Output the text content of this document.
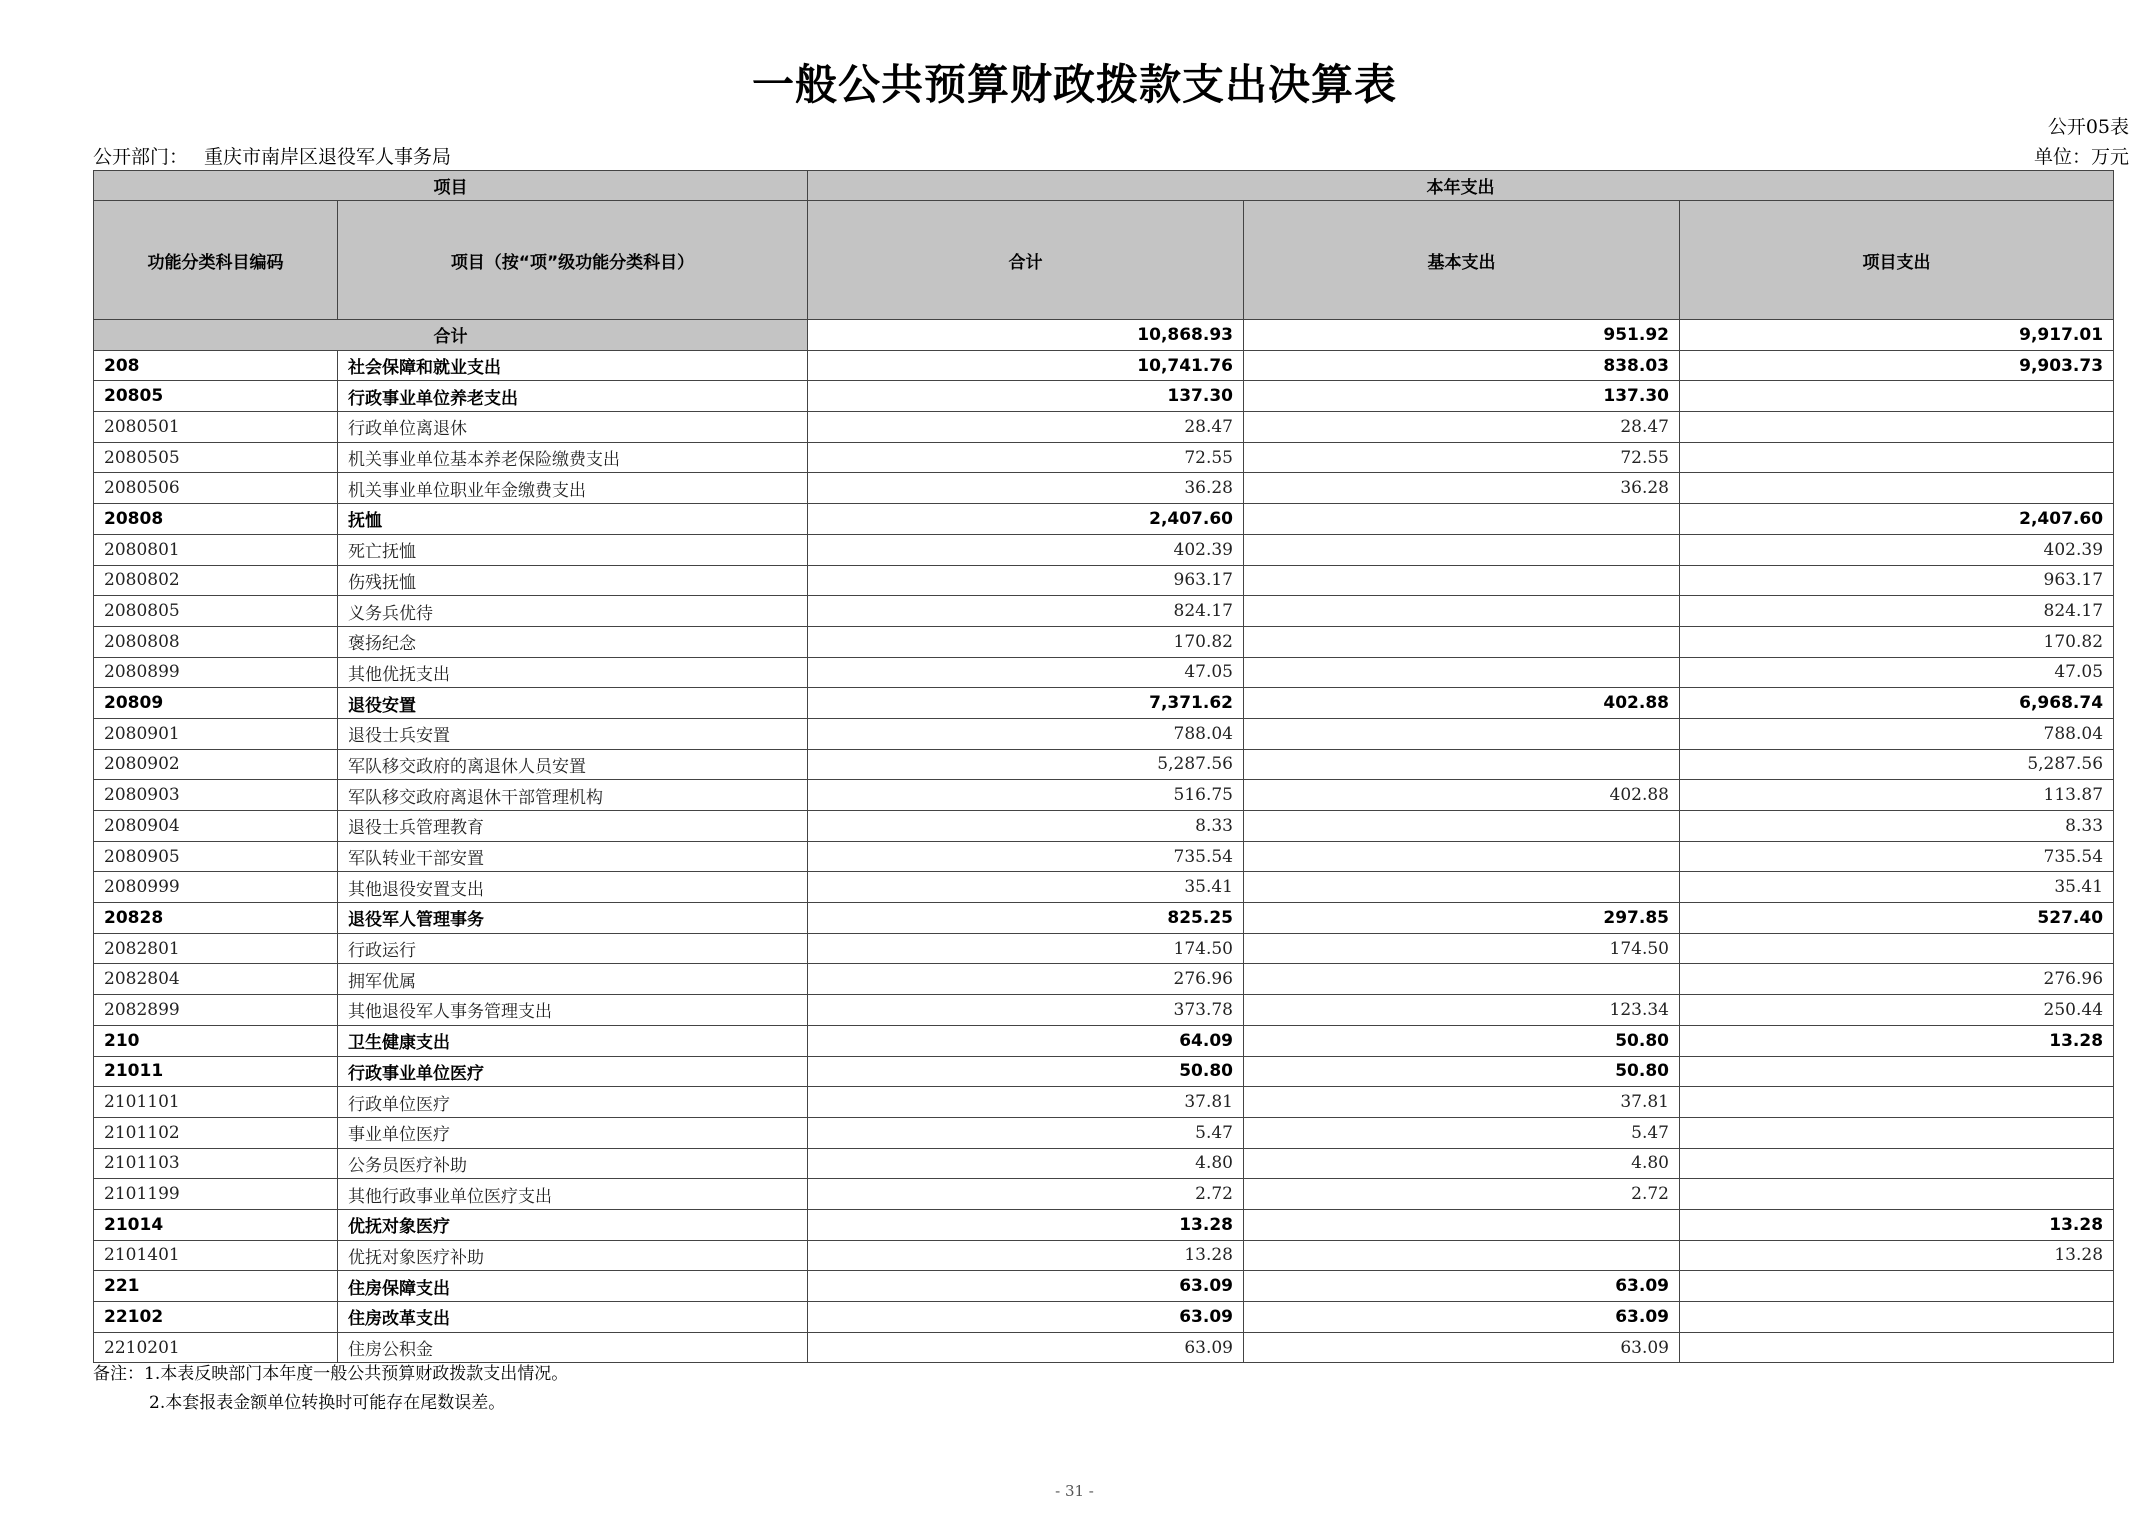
一般公共预算财政拨款支出决算表
公开05表
公开部门： 重庆市南岸区退役军人事务局	单位：万元
项目		本年支出		
功能分类科目编码	项目（按“项”级功能分类科目）	合计	基本支出	项目支出
合计		10,868.93	951.92	9,917.01
208	社会保障和就业支出	10,741.76	838.03	9,903.73
20805	行政事业单位养老支出	137.30	137.30	
2080501	行政单位离退休	28.47	28.47	
2080505	机关事业单位基本养老保险缴费支出	72.55	72.55	
2080506	机关事业单位职业年金缴费支出	36.28	36.28	
20808	抚恤	2,407.60		2,407.60
2080801	死亡抚恤	402.39		402.39
2080802	伤残抚恤	963.17		963.17
2080805	义务兵优待	824.17		824.17
2080808	褒扬纪念	170.82		170.82
2080899	其他优抚支出	47.05		47.05
20809	退役安置	7,371.62	402.88	6,968.74
2080901	退役士兵安置	788.04		788.04
2080902	军队移交政府的离退休人员安置	5,287.56		5,287.56
2080903	军队移交政府离退休干部管理机构	516.75	402.88	113.87
2080904	退役士兵管理教育	8.33		8.33
2080905	军队转业干部安置	735.54		735.54
2080999	其他退役安置支出	35.41		35.41
20828	退役军人管理事务	825.25	297.85	527.40
2082801	行政运行	174.50	174.50	
2082804	拥军优属	276.96		276.96
2082899	其他退役军人事务管理支出	373.78	123.34	250.44
210	卫生健康支出	64.09	50.80	13.28
21011	行政事业单位医疗	50.80	50.80	
2101101	行政单位医疗	37.81	37.81	
2101102	事业单位医疗	5.47	5.47	
2101103	公务员医疗补助	4.80	4.80	
2101199	其他行政事业单位医疗支出	2.72	2.72	
21014	优抚对象医疗	13.28		13.28
2101401	优抚对象医疗补助	13.28		13.28
221	住房保障支出	63.09	63.09	
22102	住房改革支出	63.09	63.09	
2210201	住房公积金	63.09	63.09	
备注：1.本表反映部门本年度一般公共预算财政拨款支出情况。
2.本套报表金额单位转换时可能存在尾数误差。
- 31 -
